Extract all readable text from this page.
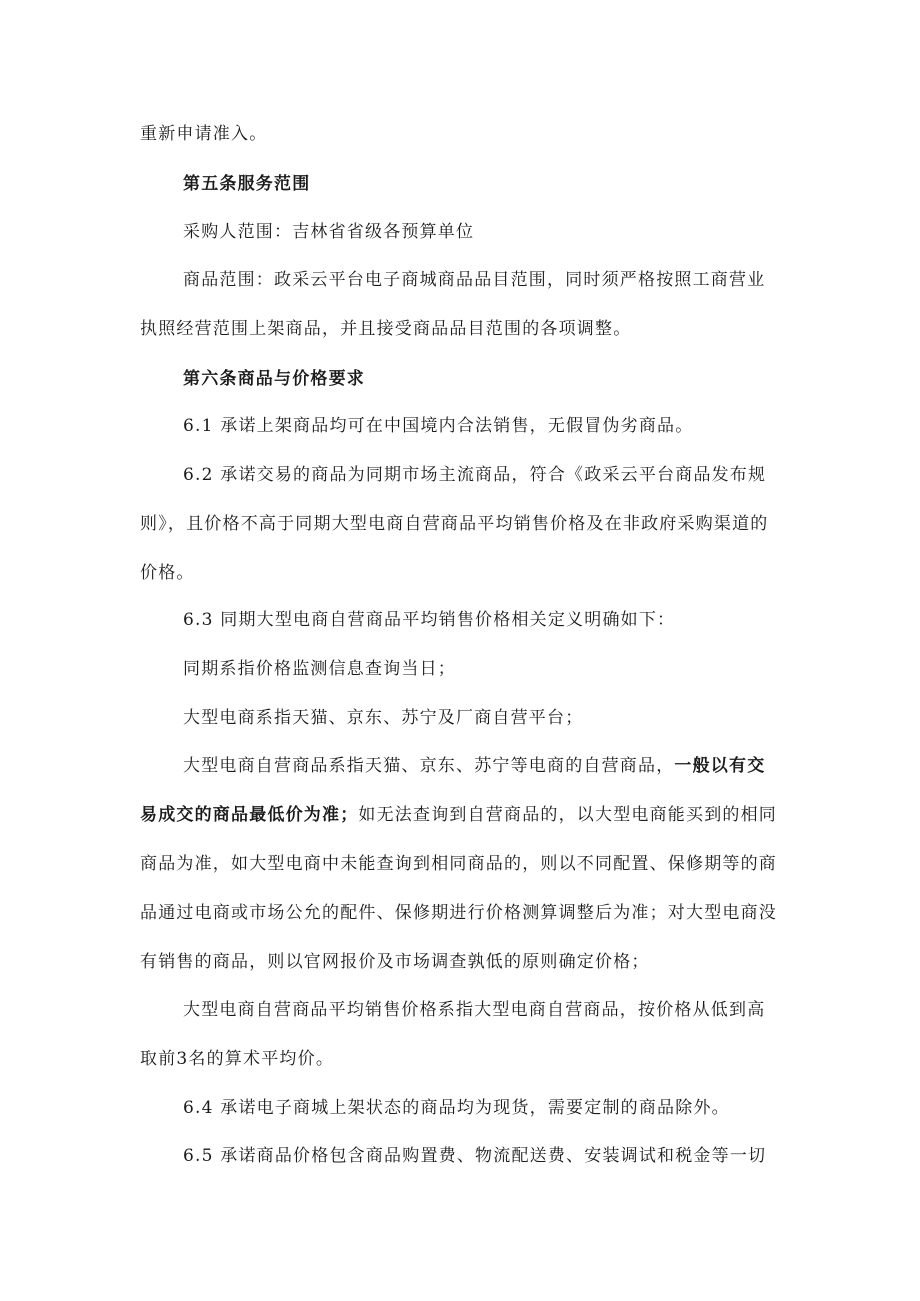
重新申请准入。
第五条服务范围
采购人范围：吉林省省级各预算单位
商品范围：政采云平台电子商城商品品目范围，同时须严格按照工商营业
执照经营范围上架商品，并且接受商品品目范围的各项调整。
第六条商品与价格要求
6.1 承诺上架商品均可在中国境内合法销售，无假冒伪劣商品。
6.2 承诺交易的商品为同期市场主流商品，符合《政采云平台商品发布规
则》，且价格不高于同期大型电商自营商品平均销售价格及在非政府采购渠道的
价格。
6.3 同期大型电商自营商品平均销售价格相关定义明确如下：
同期系指价格监测信息查询当日；
大型电商系指天猫、京东、苏宁及厂商自营平台；
大型电商自营商品系指天猫、京东、苏宁等电商的自营商品，一般以有交
易成交的商品最低价为准；如无法查询到自营商品的，以大型电商能买到的相同
商品为准，如大型电商中未能查询到相同商品的，则以不同配置、保修期等的商
品通过电商或市场公允的配件、保修期进行价格测算调整后为准；对大型电商没
有销售的商品，则以官网报价及市场调查孰低的原则确定价格；
大型电商自营商品平均销售价格系指大型电商自营商品，按价格从低到高
取前3名的算术平均价。
6.4 承诺电子商城上架状态的商品均为现货，需要定制的商品除外。
6.5 承诺商品价格包含商品购置费、物流配送费、安装调试和税金等一切
